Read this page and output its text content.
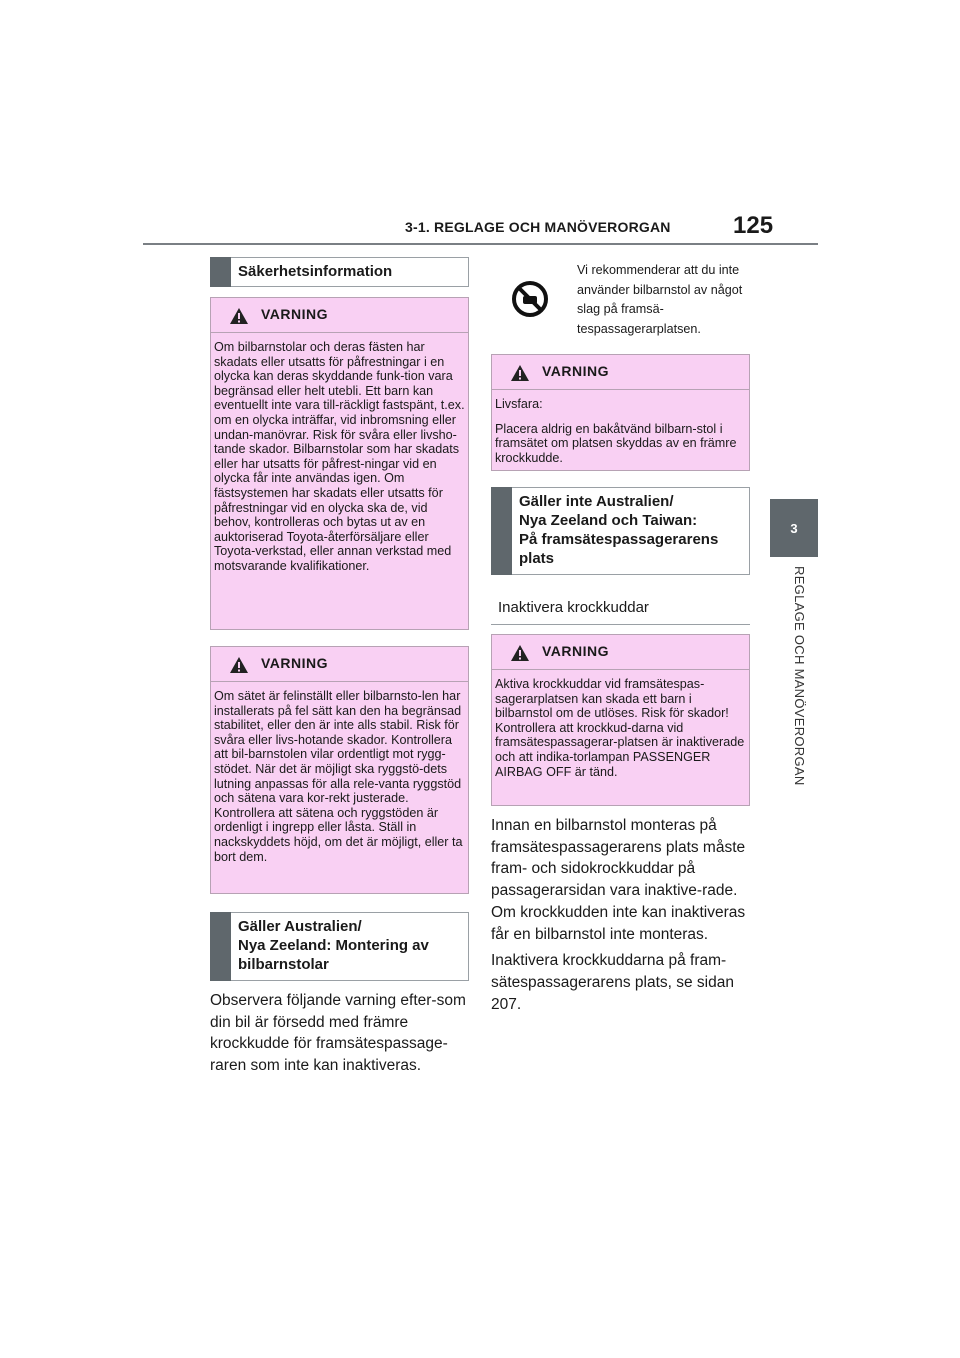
3-1. REGLAGE OCH MANÖVERORGAN	125
3
REGLAGE OCH MANÖVERORGAN
Säkerhetsinformation
VARNING

Om bilbarnstolar och deras fästen har skadats eller utsatts för påfrestningar i en olycka kan deras skyddande funk-tion vara begränsad eller helt utebli. Ett barn kan eventuellt inte vara till-räckligt fastspänt, t.ex. om en olycka inträffar, vid inbromsning eller undan-manövrar. Risk för svåra eller livsho-tande skador. Bilbarnstolar som har skadats eller har utsatts för påfrest-ningar vid en olycka får inte användas igen. Om fästsystemen har skadats eller utsatts för påfrestningar vid en olycka ska de, vid behov, kontrolleras och bytas ut av en auktoriserad Toyota-återförsäljare eller Toyota-verkstad, eller annan verkstad med motsvarande kvalifikationer.

VARNING

Om sätet är felinställt eller bilbarnsto-len har installerats på fel sätt kan den ha begränsad stabilitet, eller den är inte alls stabil. Risk för svåra eller livs-hotande skador. Kontrollera att bil-barnstolen vilar ordentligt mot rygg-stödet. När det är möjligt ska ryggstö-dets lutning anpassas för alla rele-vanta ryggstöd och sätena vara kor-rekt justerade. Kontrollera att sätena och ryggstöden är ordenligt i ingrepp eller låsta. Ställ in nackskyddets höjd, om det är möjligt, eller ta bort dem.

Gäller Australien/
Nya Zeeland: Montering av
bilbarnstolar

Observera följande varning efter-som din bil är försedd med främre krockkudde för framsätespassage-raren som inte kan inaktiveras.

Vi rekommenderar att du inte använder bilbarnstol av något slag på framsä-tespassagerarplatsen.
VARNING

Livsfara:

Placera aldrig en bakåtvänd bilbarn-stol i framsätet om platsen skyddas av en främre krockkudde.

Gäller inte Australien/
Nya Zeeland och Taiwan:
På framsätespassagerarens
plats
Inaktivera krockkuddar
VARNING

Aktiva krockkuddar vid framsätespas-sagerarplatsen kan skada ett barn i bilbarnstol om de utlöses. Risk för skador! Kontrollera att krockkud-darna vid framsätespassagerar-platsen är inaktiverade och att indika-torlampan PASSENGER AIRBAG OFF är tänd.

Innan en bilbarnstol monteras på framsätespassagerarens plats måste fram- och sidokrockkuddar på passagerarsidan vara inaktive-rade. Om krockkudden inte kan inaktiveras får en bilbarnstol inte monteras.

Inaktivera krockkuddarna på fram-sätespassagerarens plats, se sidan 207.
